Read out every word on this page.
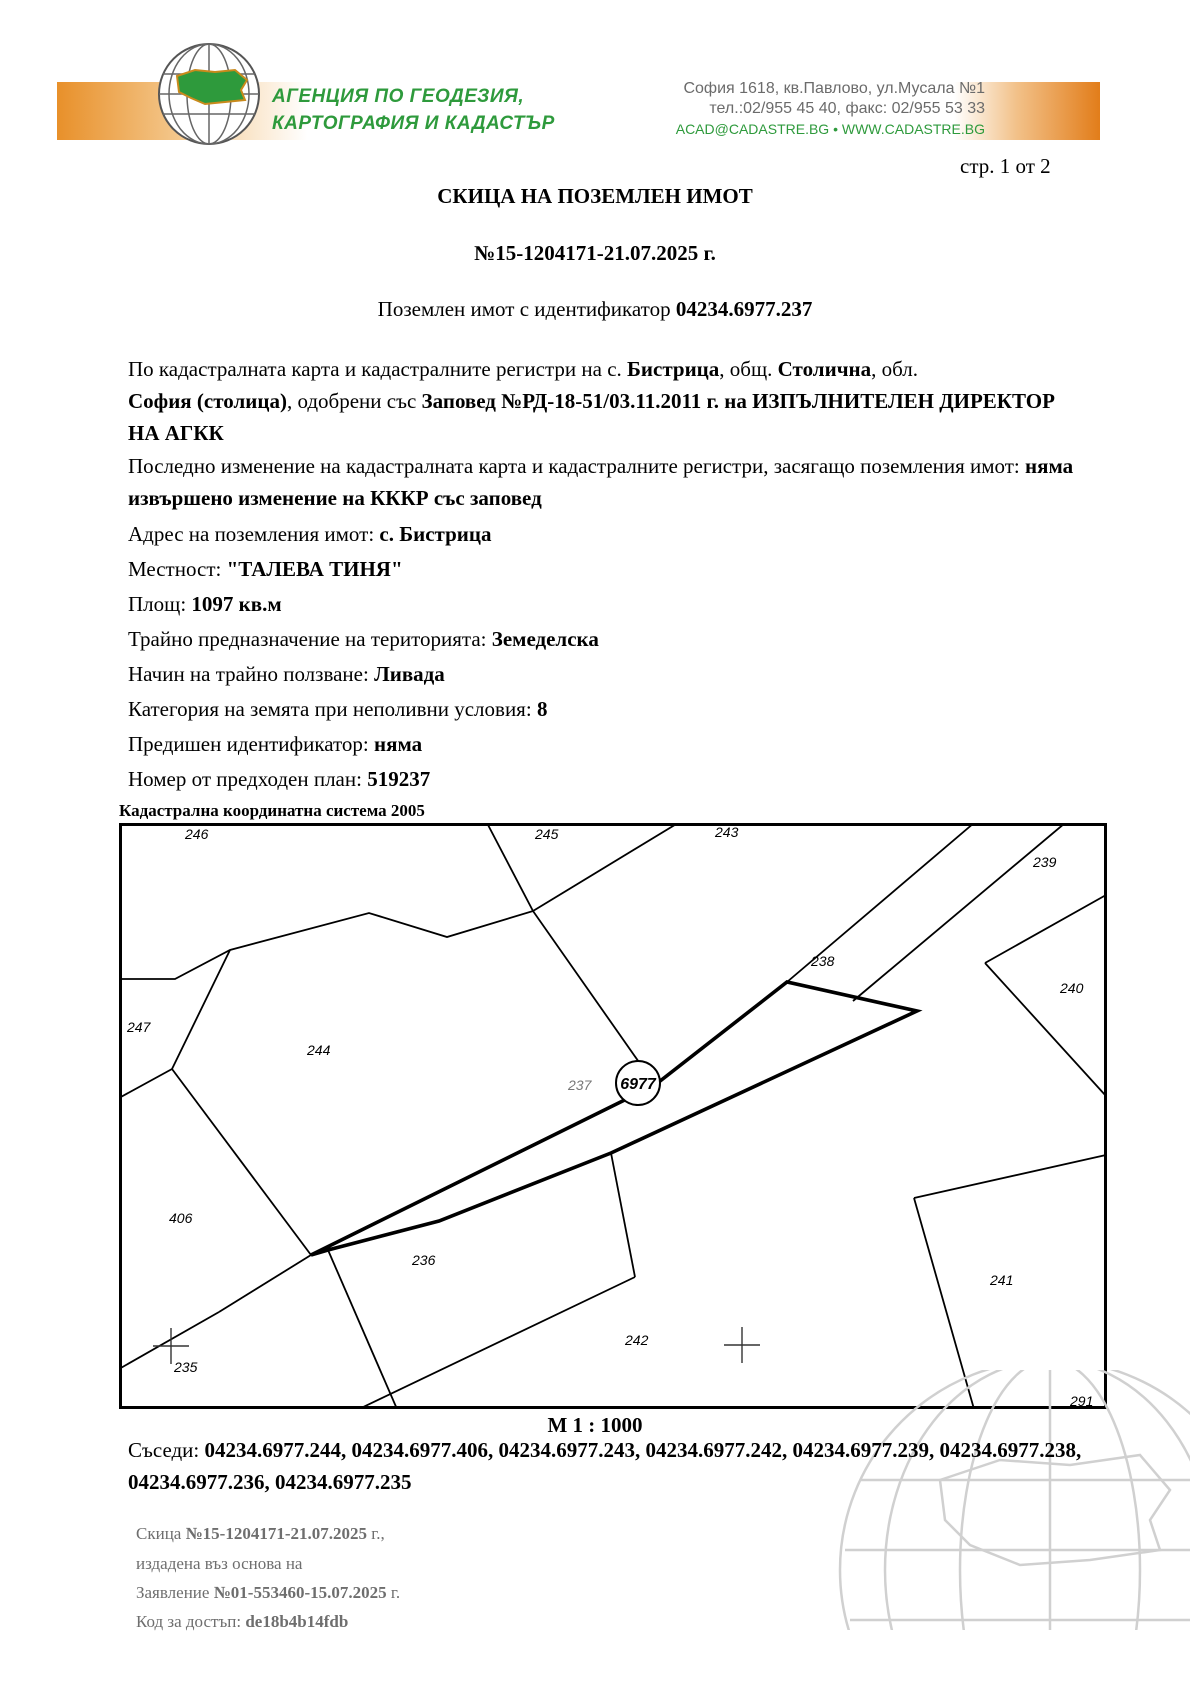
АГЕНЦИЯ ПО ГЕОДЕЗИЯ,
КАРТОГРАФИЯ И КАДАСТЪР
София 1618, кв.Павлово, ул.Мусала №1
тел.:02/955 45 40, факс: 02/955 53 33
ACAD@CADASTRE.BG • WWW.CADASTRE.BG
стр. 1 от 2
СКИЦА НА ПОЗЕМЛЕН ИМОТ
№15-1204171-21.07.2025 г.
Поземлен имот с идентификатор 04234.6977.237
По кадастралната карта и кадастралните регистри на с. Бистрица, общ. Столична, обл.
София (столица), одобрени със Заповед №РД-18-51/03.11.2011 г. на ИЗПЪЛНИТЕЛЕН ДИРЕКТОР НА АГКК
Последно изменение на кадастралната карта и кадастралните регистри, засягащо поземления имот: няма извършено изменение на КККР със заповед
Адрес на поземления имот: с. Бистрица
Местност: "ТАЛЕВА ТИНЯ"
Площ: 1097 кв.м
Трайно предназначение на територията: Земеделска
Начин на трайно ползване: Ливада
Категория на земята при неполивни условия: 8
Предишен идентификатор: няма
Номер от предходен план: 519237
Кадастрална координатна система 2005
6977
246	245	243
239
238
240
247
244
237
406
236
241
235
242
291
М 1 : 1000
Съседи: 04234.6977.244, 04234.6977.406, 04234.6977.243, 04234.6977.242, 04234.6977.239, 04234.6977.238, 04234.6977.236, 04234.6977.235
Скица №15-1204171-21.07.2025 г.,
издадена въз основа на
Заявление №01-553460-15.07.2025 г.
Код за достъп: de18b4b14fdb
